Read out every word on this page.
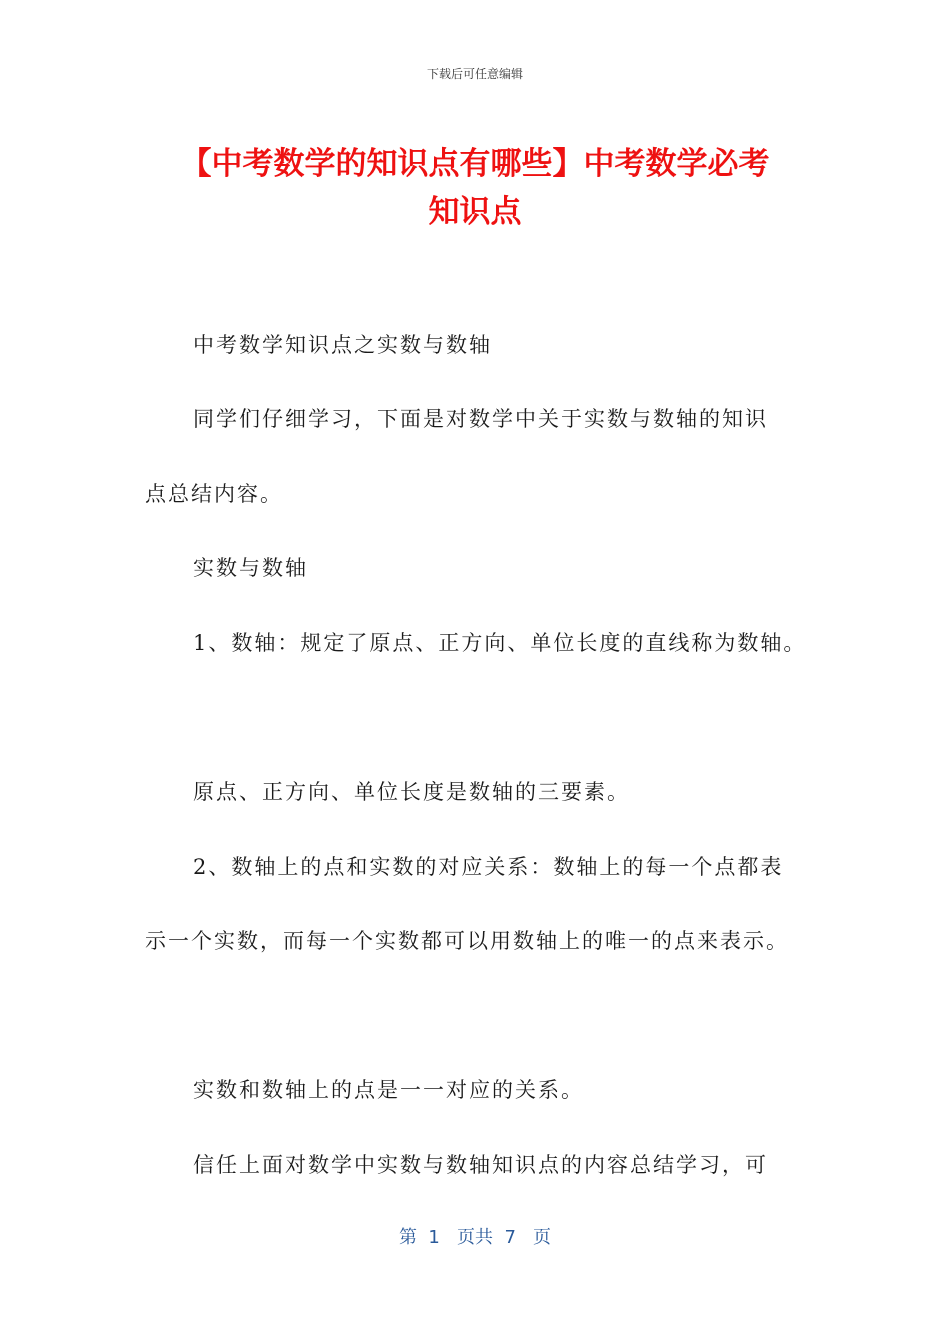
下载后可任意编辑
【中考数学的知识点有哪些】中考数学必考
知识点
中考数学知识点之实数与数轴
同学们仔细学习，下面是对数学中关于实数与数轴的知识
点总结内容。
实数与数轴
1、数轴：规定了原点、正方向、单位长度的直线称为数轴。
原点、正方向、单位长度是数轴的三要素。
2、数轴上的点和实数的对应关系：数轴上的每一个点都表
示一个实数，而每一个实数都可以用数轴上的唯一的点来表示。
实数和数轴上的点是一一对应的关系。
信任上面对数学中实数与数轴知识点的内容总结学习，可
第  1   页共  7   页
